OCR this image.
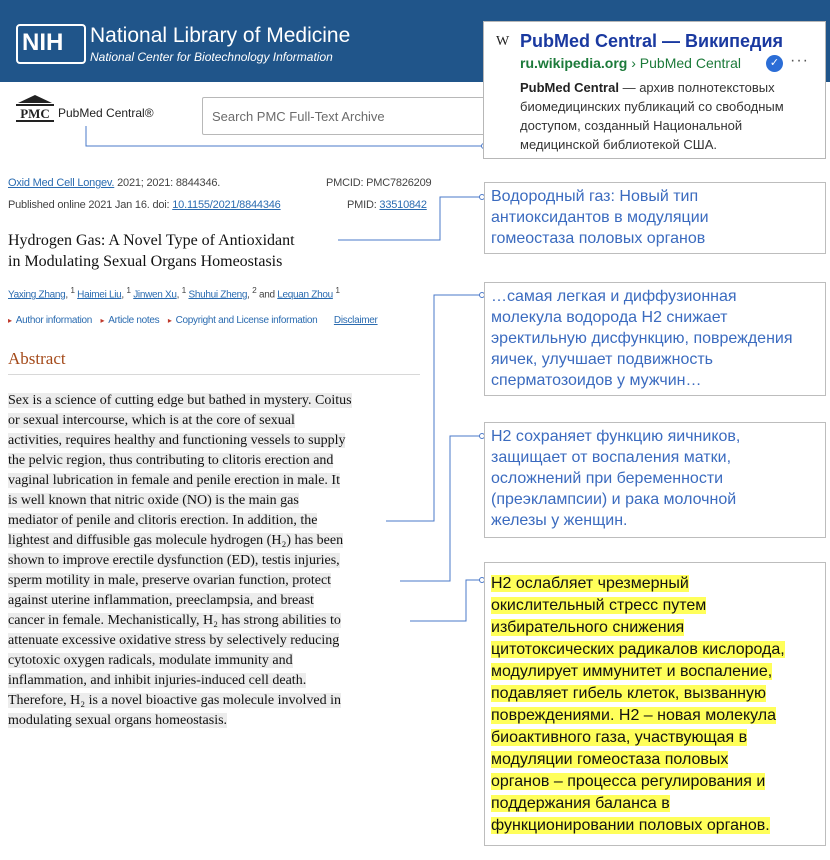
NIH National Library of Medicine
National Center for Biotechnology Information
PMC PubMed Central®
Search PMC Full-Text Archive
Oxid Med Cell Longev. 2021; 2021: 8844346.	PMCID: PMC7826209
Published online 2021 Jan 16. doi: 10.1155/2021/8844346	PMID: 33510842
Hydrogen Gas: A Novel Type of Antioxidant
in Modulating Sexual Organs Homeostasis
Yaxing Zhang, $^1$ Haimei Liu, $^1$ Jinwen Xu, $^1$ Shuhui Zheng, $^2$ and Lequan Zhou $^1$
▸ Author information ▸ Article notes ▸ Copyright and License information Disclaimer
Abstract
Sex is a science of cutting edge but bathed in mystery. Coitus
or sexual intercourse, which is at the core of sexual
activities, requires healthy and functioning vessels to supply
the pelvic region, thus contributing to clitoris erection and
vaginal lubrication in female and penile erection in male. It
is well known that nitric oxide (NO) is the main gas
mediator of penile and clitoris erection. In addition, the
lightest and diffusible gas molecule hydrogen (H₂) has been
shown to improve erectile dysfunction (ED), testis injuries,
sperm motility in male, preserve ovarian function, protect
against uterine inflammation, preeclampsia, and breast
cancer in female. Mechanistically, H₂ has strong abilities to
attenuate excessive oxidative stress by selectively reducing
cytotoxic oxygen radicals, modulate immunity and
inflammation, and inhibit injuries-induced cell death.
Therefore, H₂ is a novel bioactive gas molecule involved in
modulating sexual organs homeostasis.
W PubMed Central — Википедия
ru.wikipedia.org › PubMed Central	✓ ···
PubMed Central — архив полнотекстовых
биомедицинских публикаций со свободным
доступом, созданный Национальной
медицинской библиотекой США.
Водородный газ: Новый тип
антиоксидантов в модуляции
гомеостаза половых органов
…самая легкая и диффузионная
молекула водорода H2 снижает
эректильную дисфункцию, повреждения
яичек, улучшает подвижность
сперматозоидов у мужчин…
H2 сохраняет функцию яичников,
защищает от воспаления матки,
осложнений при беременности
(преэклампсии) и рака молочной
железы у женщин.
H2 ослабляет чрезмерный
окислительный стресс путем
избирательного снижения
цитотоксических радикалов кислорода,
модулирует иммунитет и воспаление,
подавляет гибель клеток, вызванную
повреждениями. H2 – новая молекула
биоактивного газа, участвующая в
модуляции гомеостаза половых
органов – процесса регулирования и
поддержания баланса в
функционировании половых органов.
